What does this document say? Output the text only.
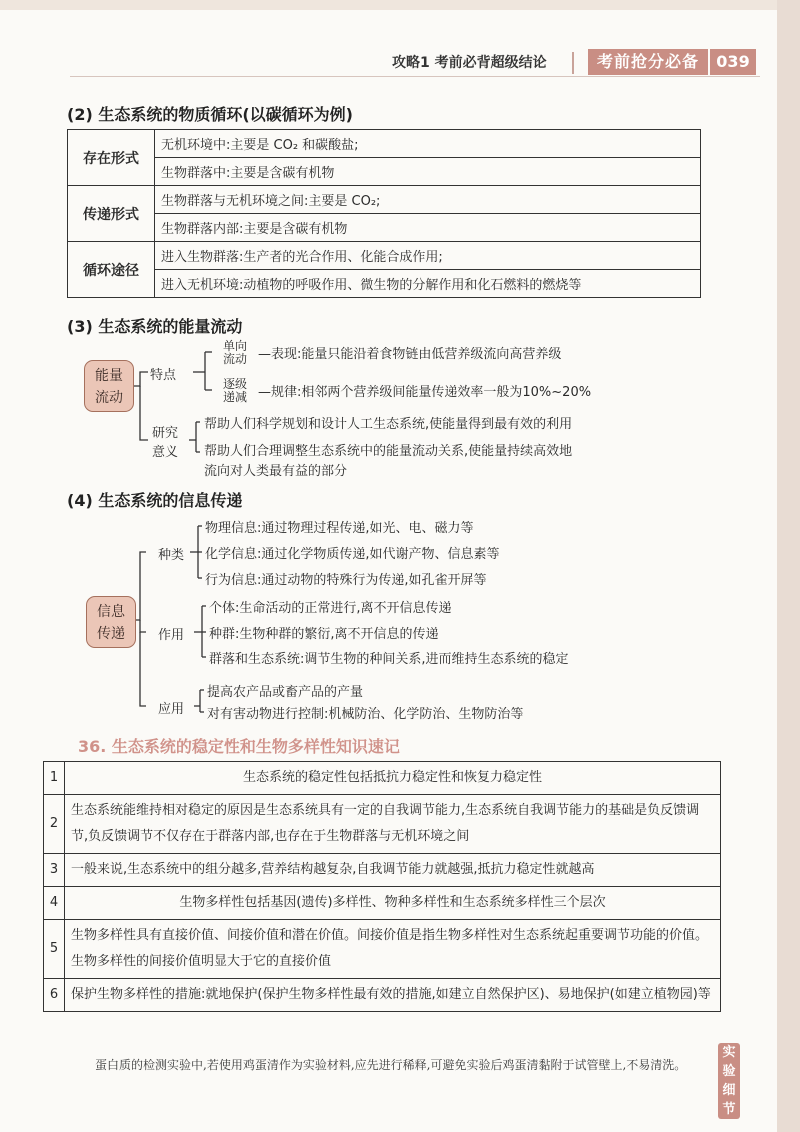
攻略1 考前必背超级结论	考前抢分必备	039
(2) 生态系统的物质循环(以碳循环为例)
存在形式	无机环境中:主要是 CO₂ 和碳酸盐;
	生物群落中:主要是含碳有机物
传递形式	生物群落与无机环境之间:主要是 CO₂;
	生物群落内部:主要是含碳有机物
循环途径	进入生物群落:生产者的光合作用、化能合成作用;
	进入无机环境:动植物的呼吸作用、微生物的分解作用和化石燃料的燃烧等
(3) 生态系统的能量流动
能量
流动
特点
单向
流动 —表现:能量只能沿着食物链由低营养级流向高营养级
逐级
递减 —规律:相邻两个营养级间能量传递效率一般为10%~20%
研究
意义
帮助人们科学规划和设计人工生态系统,使能量得到最有效的利用
帮助人们合理调整生态系统中的能量流动关系,使能量持续高效地
流向对人类最有益的部分
(4) 生态系统的信息传递
信息
传递
种类
物理信息:通过物理过程传递,如光、电、磁力等
化学信息:通过化学物质传递,如代谢产物、信息素等
行为信息:通过动物的特殊行为传递,如孔雀开屏等
作用
个体:生命活动的正常进行,离不开信息传递
种群:生物种群的繁衍,离不开信息的传递
群落和生态系统:调节生物的种间关系,进而维持生态系统的稳定
应用
提高农产品或畜产品的产量
对有害动物进行控制:机械防治、化学防治、生物防治等
36. 生态系统的稳定性和生物多样性知识速记
1	生态系统的稳定性包括抵抗力稳定性和恢复力稳定性
2	生态系统能维持相对稳定的原因是生态系统具有一定的自我调节能力,生态系统自我调节能力的基础是负反馈调节,负反馈调节不仅存在于群落内部,也存在于生物群落与无机环境之间
3	一般来说,生态系统中的组分越多,营养结构越复杂,自我调节能力就越强,抵抗力稳定性就越高
4	生物多样性包括基因(遗传)多样性、物种多样性和生态系统多样性三个层次
5	生物多样性具有直接价值、间接价值和潜在价值。间接价值是指生物多样性对生态系统起重要调节功能的价值。生物多样性的间接价值明显大于它的直接价值
6	保护生物多样性的措施:就地保护(保护生物多样性最有效的措施,如建立自然保护区)、易地保护(如建立植物园)等
蛋白质的检测实验中,若使用鸡蛋清作为实验材料,应先进行稀释,可避免实验后鸡蛋清黏附于试管壁上,不易清洗。
实验细节
